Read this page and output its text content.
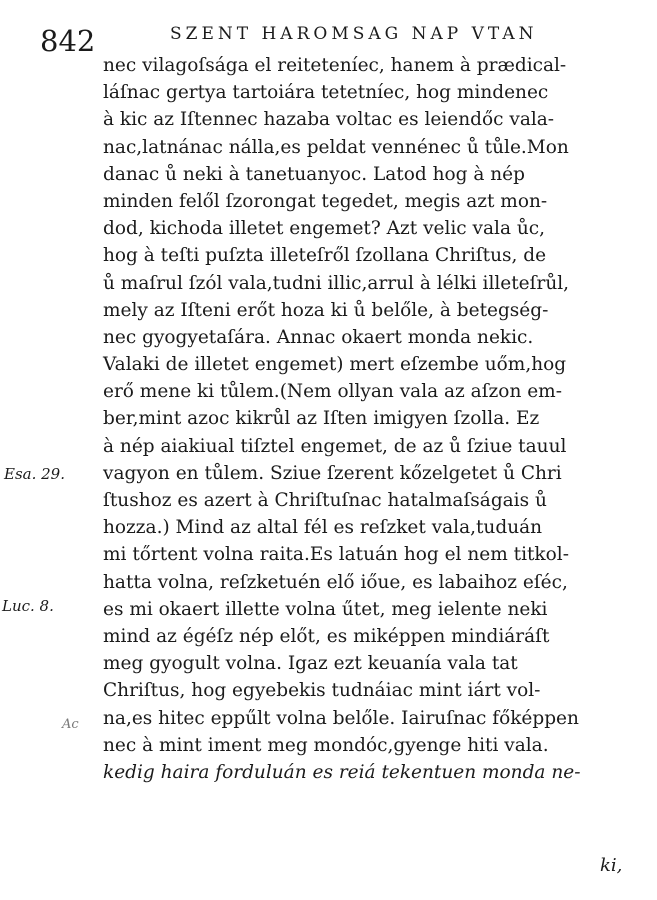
842	SZENT HAROMSAG NAP VTAN
Esa. 29.
Luc. 8.
Ac
nec vilagoſsága el reiteteníec, hanem à prædical-
láſnac gertya tartoiára tetetníec, hog mindenec
à kic az Iſtennec hazaba voltac es leiendőc vala-
nac,latnánac nálla,es peldat vennénec ů tůle.Mon
danac ů neki à tanetuanyoc. Latod hog à nép
minden felől ſzorongat tegedet, megis azt mon-
dod, kichoda illetet engemet? Azt velic vala ůc,
hog à teſti puſzta illeteſről ſzollana Chriſtus, de
ů maſrul ſzól vala,tudni illic,arrul à lélki illeteſrůl,
mely az Iſteni erőt hoza ki ů belőle, à betegség-
nec gyogyetaſára. Annac okaert monda nekic.
Valaki de illetet engemet) mert eſzembe uőm,hog
erő mene ki tůlem.(Nem ollyan vala az aſzon em-
ber,mint azoc kikrůl az Iſten imigyen ſzolla. Ez
à nép aiakiual tiſztel engemet, de az ů ſziue tauul
vagyon en tůlem. Sziue ſzerent kőzelgetet ů Chri
ſtushoz es azert à Chriſtuſnac hatalmaſságais ů
hozza.) Mind az altal fél es reſzket vala,tuduán
mi tőrtent volna raita.Es latuán hog el nem titkol-
hatta volna, reſzketuén elő iőue, es labaihoz eſéc,
es mi okaert illette volna űtet, meg ielente neki
mind az égéſz nép előt, es miképpen mindiáráſt
meg gyogult volna. Igaz ezt keuanía vala tat
Chriſtus, hog egyebekis tudnáiac mint iárt vol-
na,es hitec eppűlt volna belőle. Iairuſnac főképpen
nec à mint iment meg mondóc,gyenge hiti vala.
kedig haira forduluán es reiá tekentuen monda ne-
ki,
